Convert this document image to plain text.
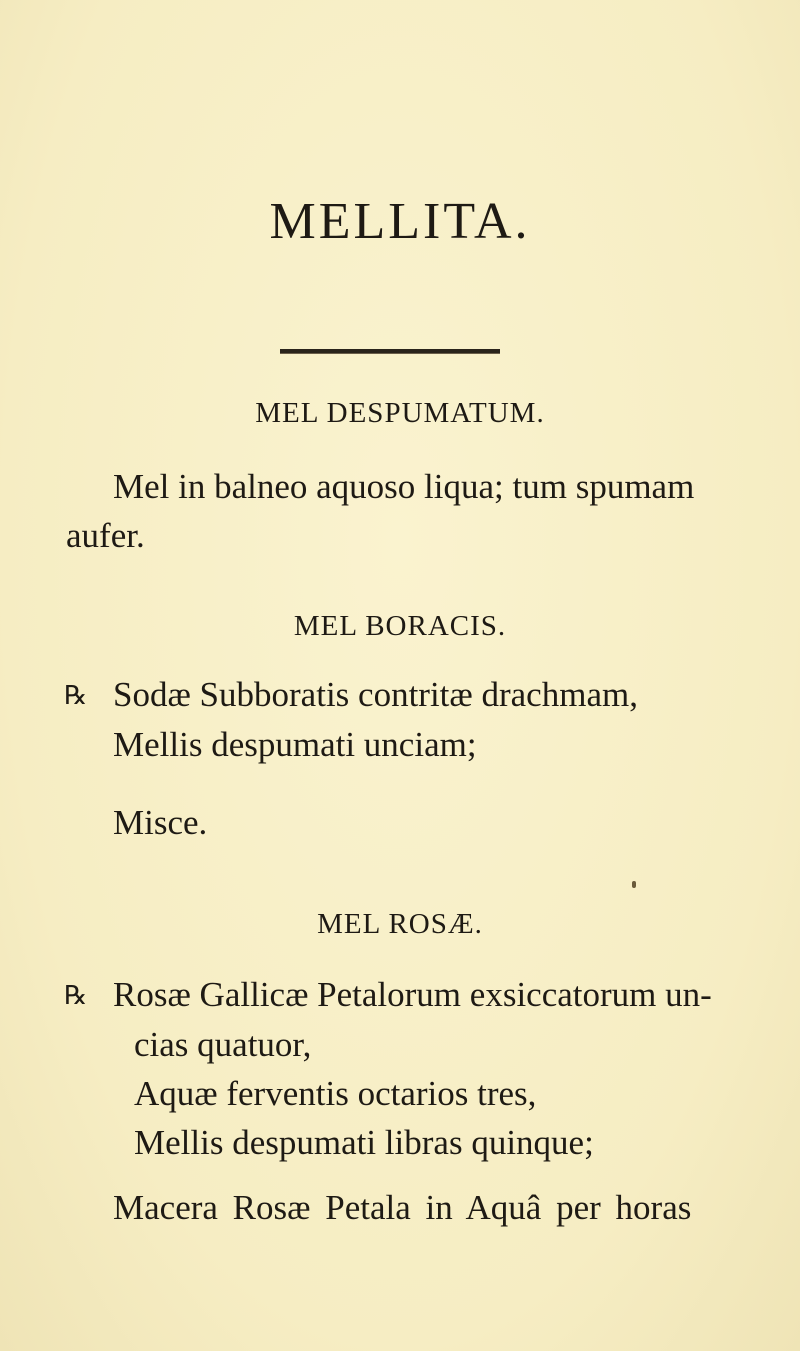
MELLITA.
MEL DESPUMATUM.
Mel in balneo aquoso liqua; tum spumam
aufer.
MEL BORACIS.
℞ Sodæ Subboratis contritæ drachmam,
Mellis despumati unciam;
Misce.
MEL ROSÆ.
℞ Rosæ Gallicæ Petalorum exsiccatorum un-
cias quatuor,
Aquæ ferventis octarios tres,
Mellis despumati libras quinque;
Macera Rosæ Petala in Aquâ per horas
